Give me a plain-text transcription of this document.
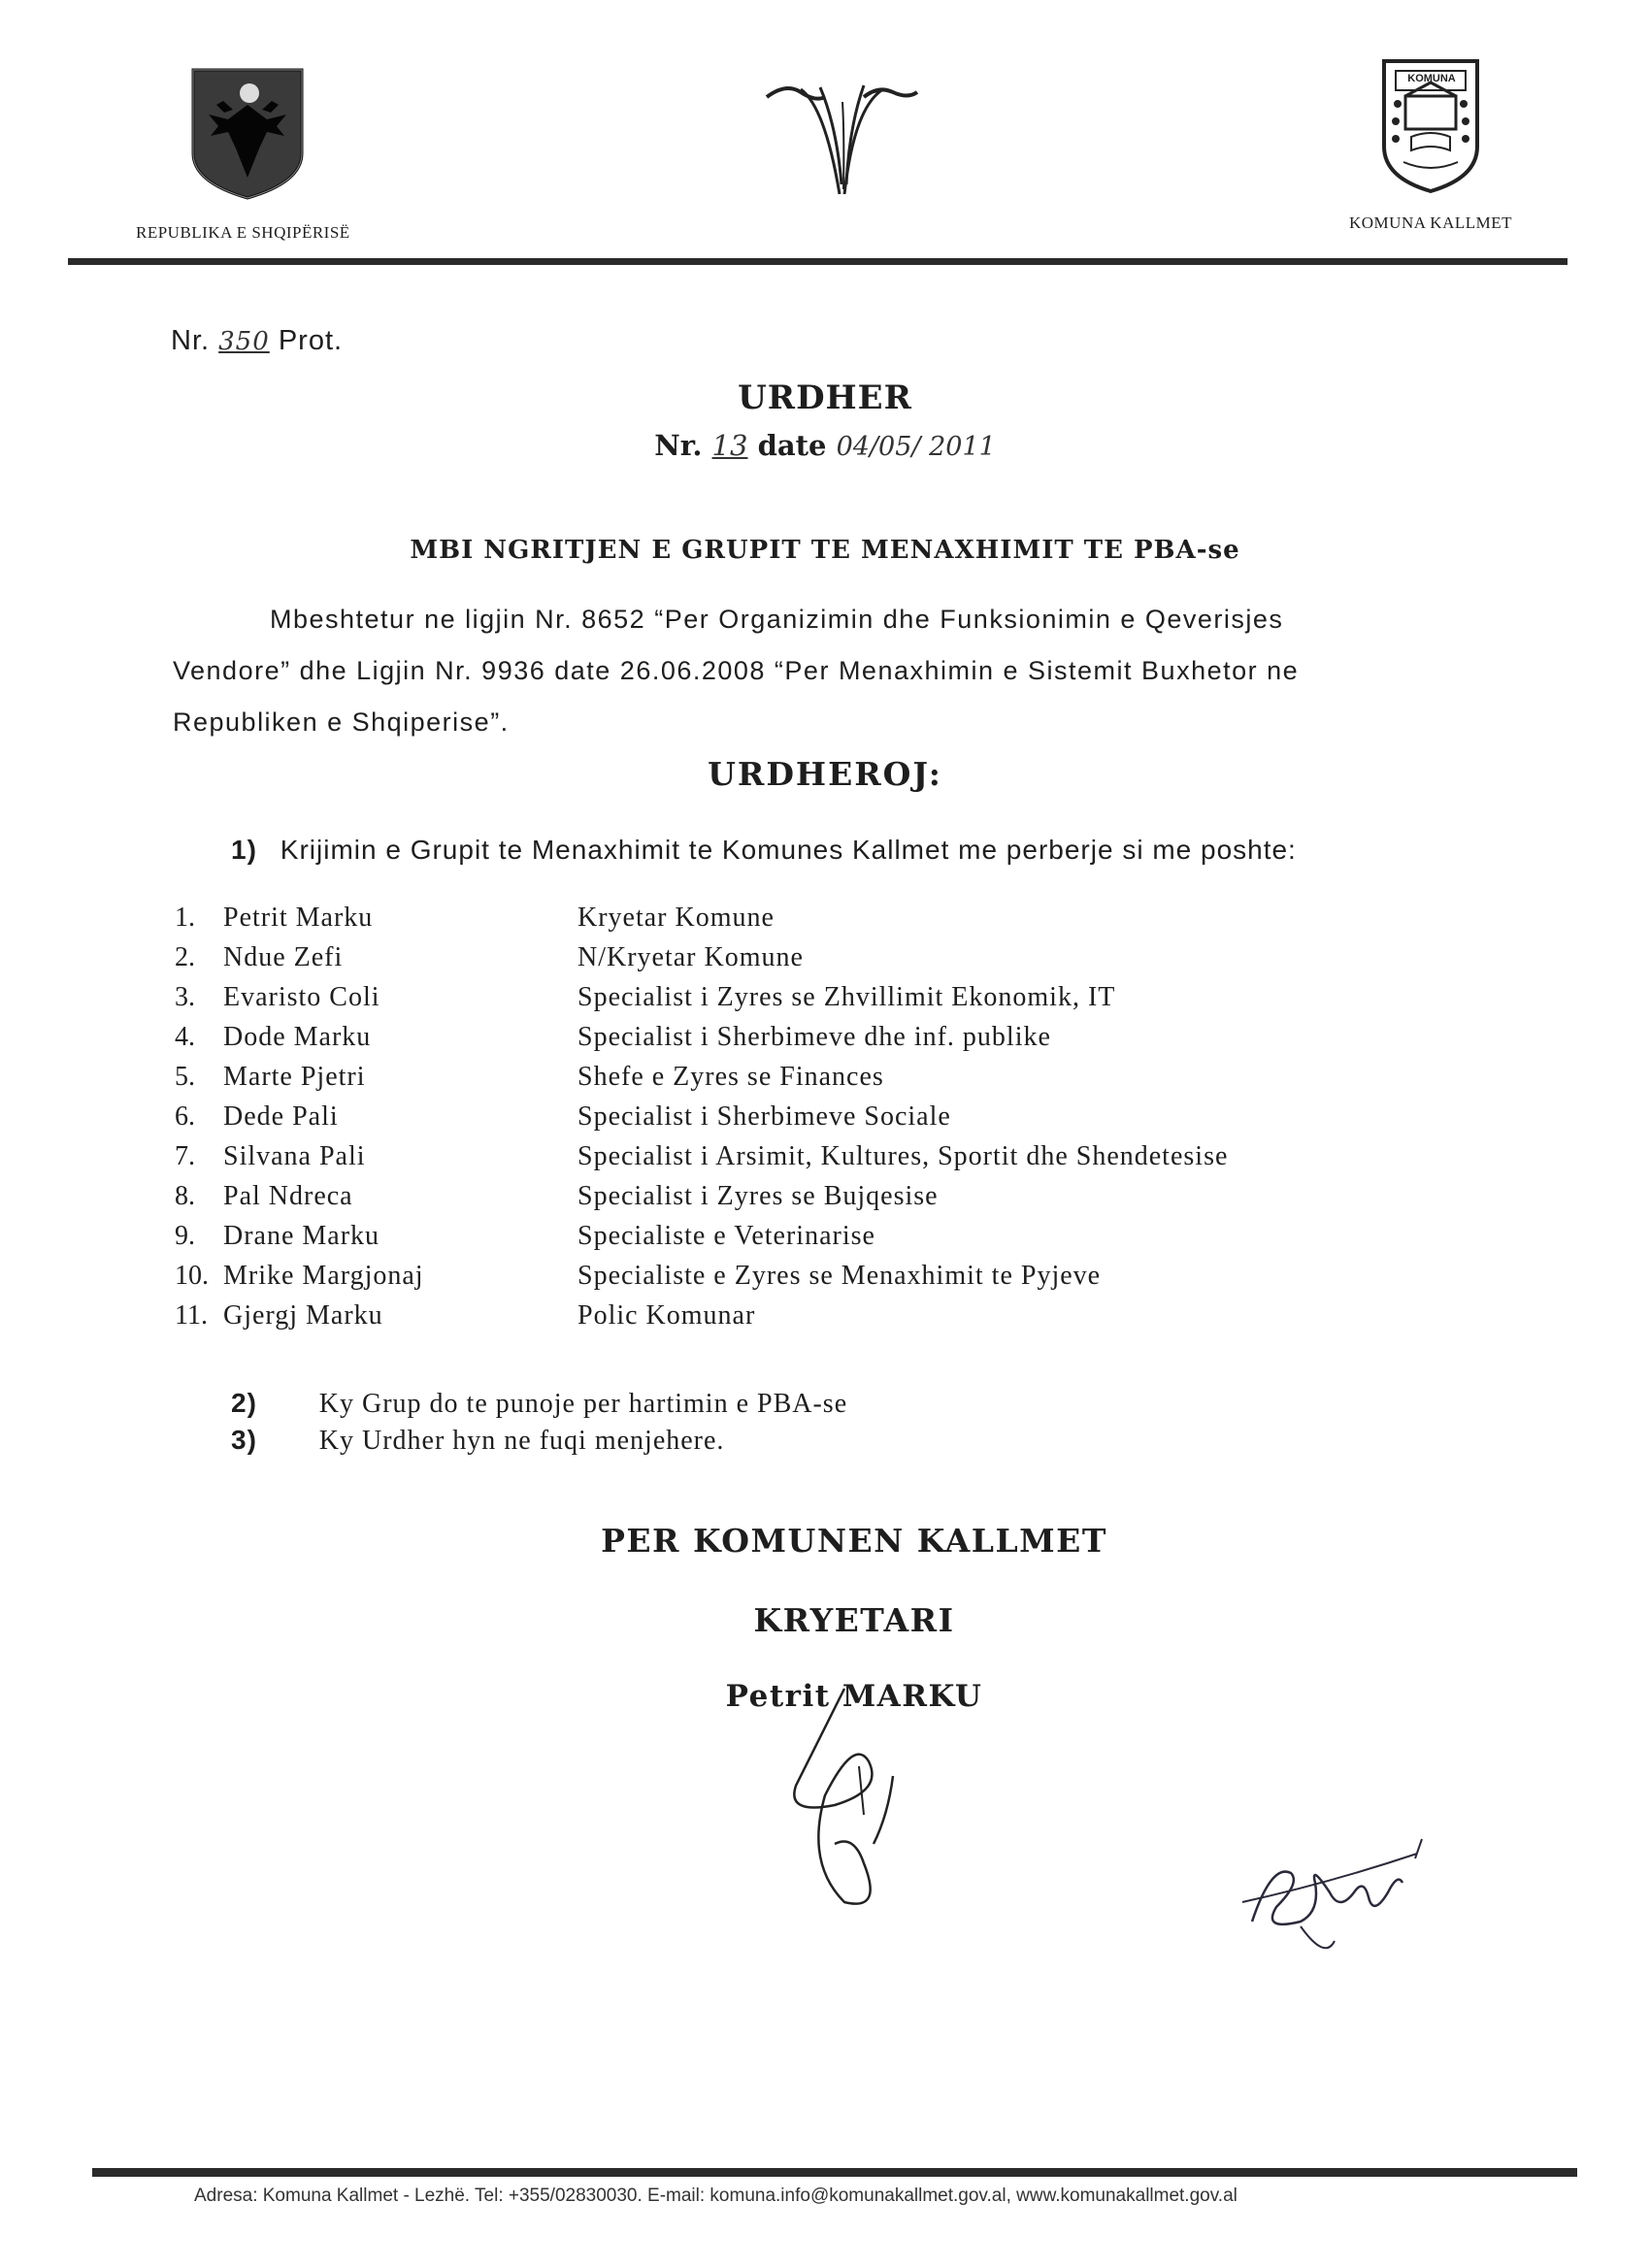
REPUBLIKA E SHQIPËRISË
KOMUNA
KOMUNA KALLMET
Nr. 350 Prot.
URDHER
Nr. 13 date 04/05/ 2011
MBI NGRITJEN E GRUPIT TE MENAXHIMIT TE PBA-se
Mbeshtetur ne ligjin Nr. 8652 “Per Organizimin dhe Funksionimin e Qeverisjes
Vendore” dhe Ligjin Nr. 9936 date 26.06.2008 “Per Menaxhimin e Sistemit Buxhetor ne
Republiken e Shqiperise”.
URDHEROJ:
1) Krijimin e Grupit te Menaxhimit te Komunes Kallmet me perberje si me poshte:
1.	Petrit Marku	Kryetar Komune
2.	Ndue Zefi	N/Kryetar Komune
3.	Evaristo Coli	Specialist i Zyres se Zhvillimit Ekonomik, IT
4.	Dode Marku	Specialist i Sherbimeve dhe inf. publike
5.	Marte Pjetri	Shefe e Zyres se Finances
6.	Dede Pali	Specialist i Sherbimeve Sociale
7.	Silvana Pali	Specialist i Arsimit, Kultures, Sportit dhe Shendetesise
8.	Pal Ndreca	Specialist i Zyres se Bujqesise
9.	Drane Marku	Specialiste e Veterinarise
10. Mrike Margjonaj	Specialiste e Zyres se Menaxhimit te Pyjeve
11. Gjergj Marku	Polic Komunar
2) Ky Grup do te punoje per hartimin e PBA-se
3) Ky Urdher hyn ne fuqi menjehere.
PER KOMUNEN KALLMET
KRYETARI
Petrit MARKU
Adresa: Komuna Kallmet - Lezhë. Tel: +355/02830030. E-mail: komuna.info@komunakallmet.gov.al, www.komunakallmet.gov.al
